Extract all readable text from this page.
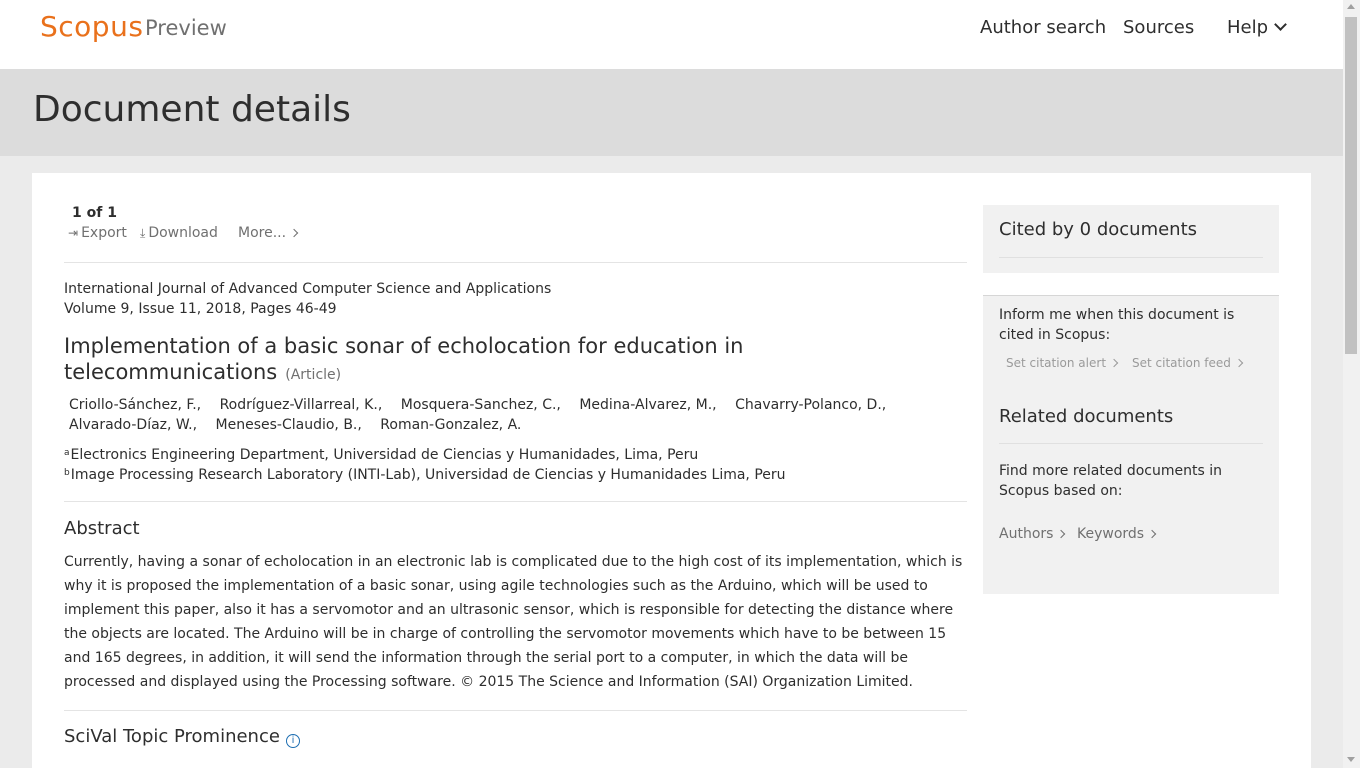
Scopus Preview	Author search Sources Help
Document details
1 of 1
⇥ Export ⤓ Download More...
International Journal of Advanced Computer Science and Applications
Volume 9, Issue 11, 2018, Pages 46-49
Implementation of a basic sonar of echolocation for education in telecommunications (Article)
Criollo-Sánchez, F., Rodríguez-Villarreal, K., Mosquera-Sanchez, C., Medina-Alvarez, M., Chavarry-Polanco, D.,
Alvarado-Díaz, W., Meneses-Claudio, B., Roman-Gonzalez, A.
$^a$Electronics Engineering Department, Universidad de Ciencias y Humanidades, Lima, Peru
$^b$Image Processing Research Laboratory (INTI-Lab), Universidad de Ciencias y Humanidades Lima, Peru
Abstract
Currently, having a sonar of echolocation in an electronic lab is complicated due to the high cost of its implementation, which is why it is proposed the implementation of a basic sonar, using agile technologies such as the Arduino, which will be used to implement this paper, also it has a servomotor and an ultrasonic sensor, which is responsible for detecting the distance where the objects are located. The Arduino will be in charge of controlling the servomotor movements which have to be between 15 and 165 degrees, in addition, it will send the information through the serial port to a computer, in which the data will be processed and displayed using the Processing software. © 2015 The Science and Information (SAI) Organization Limited.
SciVal Topic Prominence i
Cited by 0 documents
Inform me when this document is cited in Scopus:
Set citation alert	Set citation feed
Related documents
Find more related documents in Scopus based on:
Authors	Keywords
